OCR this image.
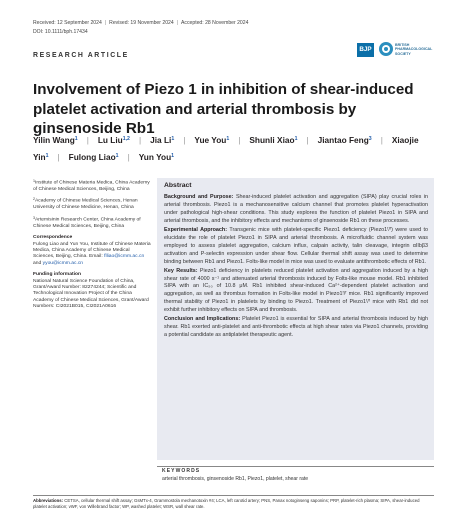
Received: 12 September 2024 | Revised: 19 November 2024 | Accepted: 28 November 2024
DOI: 10.1111/bph.17434
RESEARCH ARTICLE
BJP
BRITISH PHARMACOLOGICAL SOCIETY
Involvement of Piezo 1 in inhibition of shear-induced platelet activation and arterial thrombosis by ginsenoside Rb1
Yilin Wang$^1$ | Lu Liu$^{1,2}$ | Jia Li$^1$ | Yue You$^1$ | Shunli Xiao$^1$ | Jiantao Feng$^3$ | Xiaojie Yin$^1$ | Fulong Liao$^1$ | Yun You$^1$

$^1$Institute of Chinese Materia Medica, China Academy of Chinese Medical Sciences, Beijing, China

$^2$Academy of Chinese Medical Sciences, Henan University of Chinese Medicine, Henan, China

$^3$Artemisinin Research Center, China Academy of Chinese Medical Sciences, Beijing, China

Correspondence

Fulong Liao and Yun You, Institute of Chinese Materia Medica, China Academy of Chinese Medical Sciences, Beijing, China. Email: flliao@icmm.ac.cn and yyou@icmm.ac.cn

Funding information

National Natural Science Foundation of China, Grant/Award Number: 82274244; Scientific and Technological Innovation Project of the China Academy of Chinese Medical Sciences, Grant/Award Numbers: CI2021B015, CI2021A0616

Abstract

Background and Purpose: Shear-induced platelet activation and aggregation (SIPA) play crucial roles in arterial thrombosis. Piezo1 is a mechanosensitive calcium channel that promotes platelet hyperactivation under pathological high-shear conditions. This study explores the function of platelet Piezo1 in SIPA and arterial thrombosis, and the inhibitory effects and mechanisms of ginsenoside Rb1 on these processes.

Experimental Approach: Transgenic mice with platelet-specific Piezo1 deficiency (Piezo1ᶠ/ᶠ) were used to elucidate the role of platelet Piezo1 in SIPA and arterial thrombosis. A microfluidic channel system was employed to assess platelet aggregation, calcium influx, calpain activity, talin cleavage, integrin αIIbβ3 activation and P-selectin expression under shear flow. Cellular thermal shift assay was used to determine binding between Rb1 and Piezo1. Folts-like model in mice was used to evaluate antithrombotic effects of Rb1.

Key Results: Piezo1 deficiency in platelets reduced platelet activation and aggregation induced by a high shear rate of 4000 s⁻¹ and attenuated arterial thrombosis induced by Folts-like mouse model. Rb1 inhibited SIPA with an IC₅₀ of 10.8 μM. Rb1 inhibited shear-induced Ca²⁺-dependent platelet activation and aggregation, as well as thrombus formation in Folts-like model in Piezo1ᶠ/ᶠ mice. Rb1 significantly improved thermal stability of Piezo1 in platelets by binding to Piezo1. Treatment of Piezo1ᶠ/ᶠ mice with Rb1 did not exhibit further inhibitory effects on SIPA and thrombosis.

Conclusion and Implications: Platelet Piezo1 is essential for SIPA and arterial thrombosis induced by high shear. Rb1 exerted anti-platelet and anti-thrombotic effects at high shear rates via Piezo1 channels, providing a potential candidate as antiplatelet therapeutic agent.

KEYWORDS
arterial thrombosis, ginsenoside Rb1, Piezo1, platelet, shear rate
Abbreviations: CETSA, cellular thermal shift assay; GsMTx-4, Grammostola mechanotoxin #4; LCA, left carotid artery; PNS, Panax notoginseng saponins; PRP, platelet-rich plasma; SIPA, shear-induced platelet activation; vWF, von Willebrand factor; WP, washed platelet; WSR, wall shear rate.
